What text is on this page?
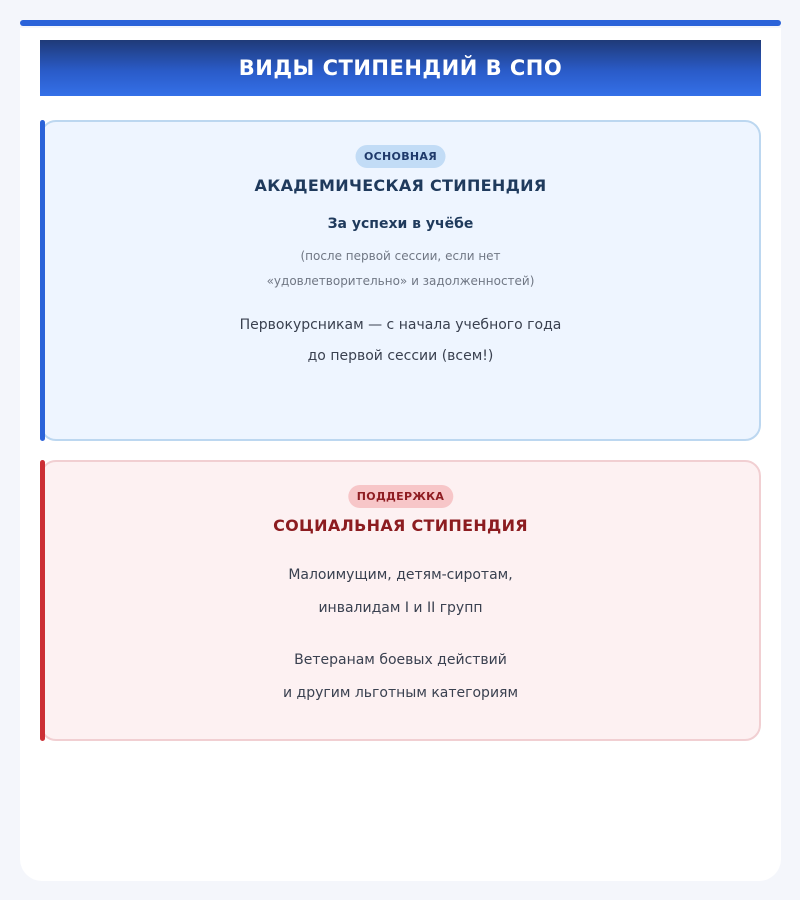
ВИДЫ СТИПЕНДИЙ В СПО
ОСНОВНАЯ
АКАДЕМИЧЕСКАЯ СТИПЕНДИЯ
За успехи в учёбе
(после первой сессии, если нет
«удовлетворительно» и задолженностей)
Первокурсникам — с начала учебного года
до первой сессии (всем!)
ПОДДЕРЖКА
СОЦИАЛЬНАЯ СТИПЕНДИЯ
Малоимущим, детям-сиротам,
инвалидам I и II групп
Ветеранам боевых действий
и другим льготным категориям
